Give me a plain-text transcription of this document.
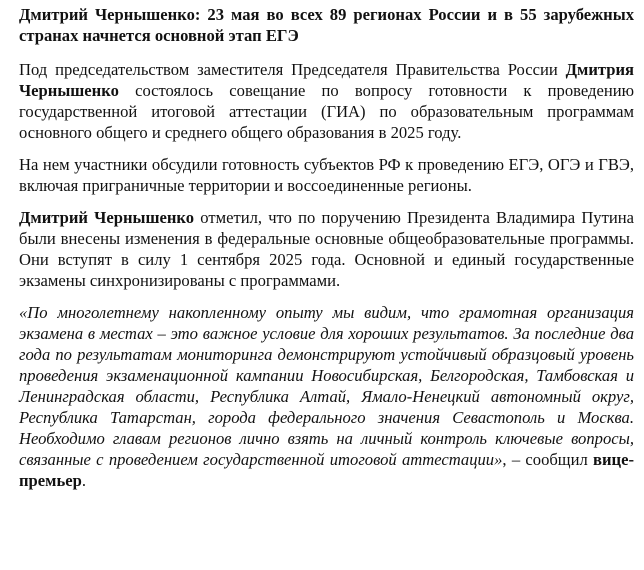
Дмитрий Чернышенко: 23 мая во всех 89 регионах России и в 55 зарубежных странах начнется основной этап ЕГЭ

Под председательством заместителя Председателя Правительства России Дмитрия Чернышенко состоялось совещание по вопросу готовности к проведению государственной итоговой аттестации (ГИА) по образовательным программам основного общего и среднего общего образования в 2025 году.

На нем участники обсудили готовность субъектов РФ к проведению ЕГЭ, ОГЭ и ГВЭ, включая приграничные территории и воссоединенные регионы.

Дмитрий Чернышенко отметил, что по поручению Президента Владимира Путина были внесены изменения в федеральные основные общеобразовательные программы. Они вступят в силу 1 сентября 2025 года. Основной и единый государственные экзамены синхронизированы с программами.

«По многолетнему накопленному опыту мы видим, что грамотная организация экзамена в местах – это важное условие для хороших результатов. За последние два года по результатам мониторинга демонстрируют устойчивый образцовый уровень проведения экзаменационной кампании Новосибирская, Белгородская, Тамбовская и Ленинградская области, Республика Алтай, Ямало-Ненецкий автономный округ, Республика Татарстан, города федерального значения Севастополь и Москва. Необходимо главам регионов лично взять на личный контроль ключевые вопросы, связанные с проведением государственной итоговой аттестации», – сообщил вице-премьер.
